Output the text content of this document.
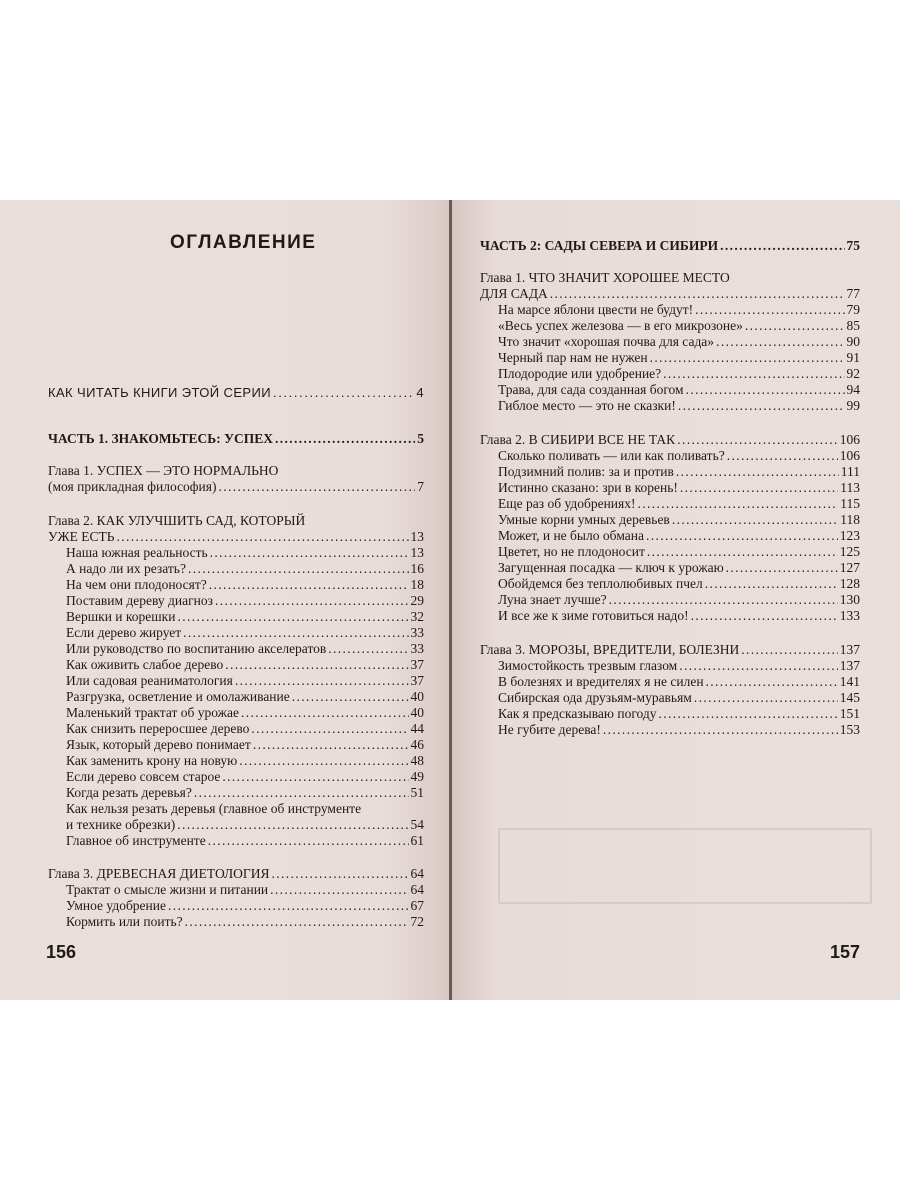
ОГЛАВЛЕНИЕ
КАК ЧИТАТЬ КНИГИ ЭТОЙ СЕРИИ . . .	4
ЧАСТЬ 1. ЗНАКОМЬТЕСЬ: УСПЕХ . . .	5
Глава 1. УСПЕХ — ЭТО НОРМАЛЬНО
(моя прикладная философия) . . .	7
Глава 2. КАК УЛУЧШИТЬ САД, КОТОРЫЙ
УЖЕ ЕСТЬ . . .	13
Наша южная реальность . . .	13
А надо ли их резать? . . .	16
На чем они плодоносят? . . .	18
Поставим дереву диагноз . . .	29
Вершки и корешки . . .	32
Если дерево жирует . . .	33
Или руководство по воспитанию акселератов . . .	33
Как оживить слабое дерево . . .	37
Или садовая реаниматология . . .	37
Разгрузка, осветление и омолаживание . . .	40
Маленький трактат об урожае . . .	40
Как снизить переросшее дерево . . .	44
Язык, который дерево понимает . . .	46
Как заменить крону на новую . . .	48
Если дерево совсем старое . . .	49
Когда резать деревья? . . .	51
Как нельзя резать деревья (главное об инструменте
и технике обрезки) . . .	54
Главное об инструменте . . .	61
Глава 3. ДРЕВЕСНАЯ ДИЕТОЛОГИЯ . . .	64
Трактат о смысле жизни и питании . . .	64
Умное удобрение . . .	67
Кормить или поить? . . .	72
156
ЧАСТЬ 2: САДЫ СЕВЕРА И СИБИРИ . . .	75
Глава 1. ЧТО ЗНАЧИТ ХОРОШЕЕ МЕСТО
ДЛЯ САДА . . .	77
На марсе яблони цвести не будут! . . .	79
«Весь успех железова — в его микрозоне» . . .	85
Что значит «хорошая почва для сада» . . .	90
Черный пар нам не нужен . . .	91
Плодородие или удобрение? . . .	92
Трава, для сада созданная богом . . .	94
Гиблое место — это не сказки! . . .	99
Глава 2. В СИБИРИ ВСЕ НЕ ТАК . . .	106
Сколько поливать — или как поливать? . . .	106
Подзимний полив: за и против . . .	111
Истинно сказано: зри в корень! . . .	113
Еще раз об удобрениях! . . .	115
Умные корни умных деревьев . . .	118
Может, и не было обмана . . .	123
Цветет, но не плодоносит . . .	125
Загущенная посадка — ключ к урожаю . . .	127
Обойдемся без теплолюбивых пчел . . .	128
Луна знает лучше? . . .	130
И все же к зиме готовиться надо! . . .	133
Глава 3. МОРОЗЫ, ВРЕДИТЕЛИ, БОЛЕЗНИ . . .	137
Зимостойкость трезвым глазом . . .	137
В болезнях и вредителях я не силен . . .	141
Сибирская ода друзьям-муравьям . . .	145
Как я предсказываю погоду . . .	151
Не губите дерева! . . .	153
157
